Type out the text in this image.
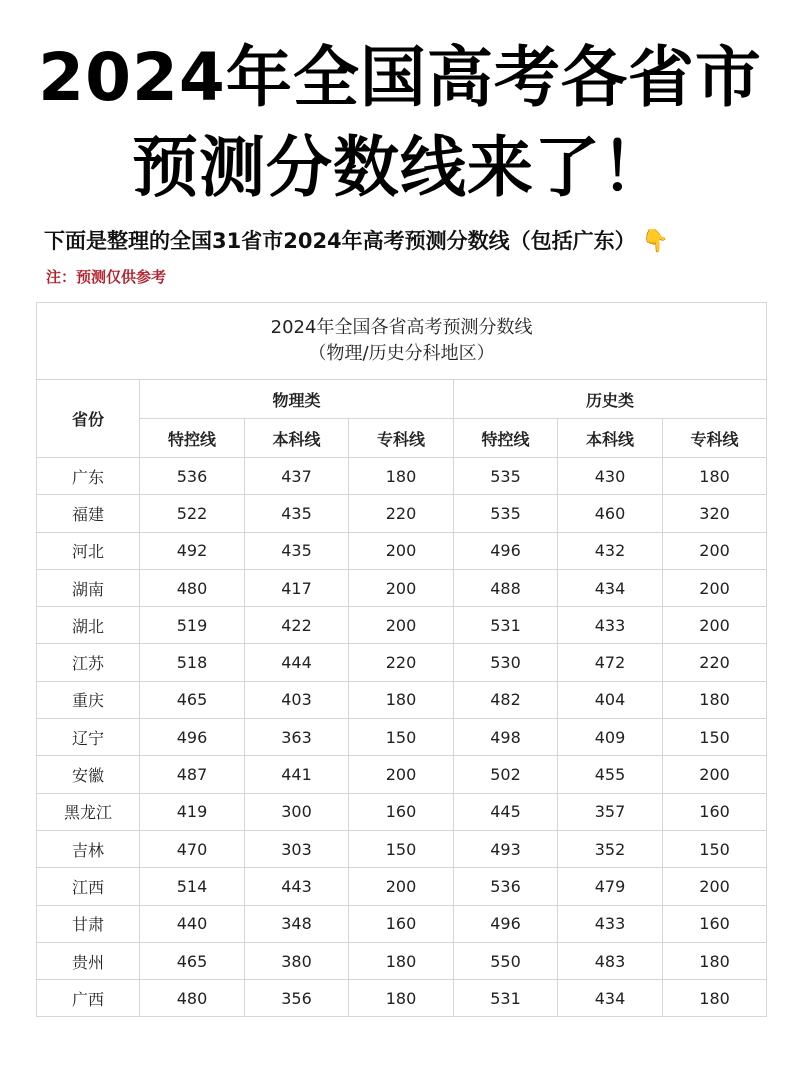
2024年全国高考各省市
预测分数线来了！
下面是整理的全国31省市2024年高考预测分数线（包括广东） 👇
注：预测仅供参考
2024年全国各省高考预测分数线
（物理/历史分科地区）						

省份	物理类			历史类		
	特控线	本科线	专科线	特控线	本科线	专科线
广东	536	437	180	535	430	180
福建	522	435	220	535	460	320
河北	492	435	200	496	432	200
湖南	480	417	200	488	434	200
湖北	519	422	200	531	433	200
江苏	518	444	220	530	472	220
重庆	465	403	180	482	404	180
辽宁	496	363	150	498	409	150
安徽	487	441	200	502	455	200
黑龙江	419	300	160	445	357	160
吉林	470	303	150	493	352	150
江西	514	443	200	536	479	200
甘肃	440	348	160	496	433	160
贵州	465	380	180	550	483	180
广西	480	356	180	531	434	180
